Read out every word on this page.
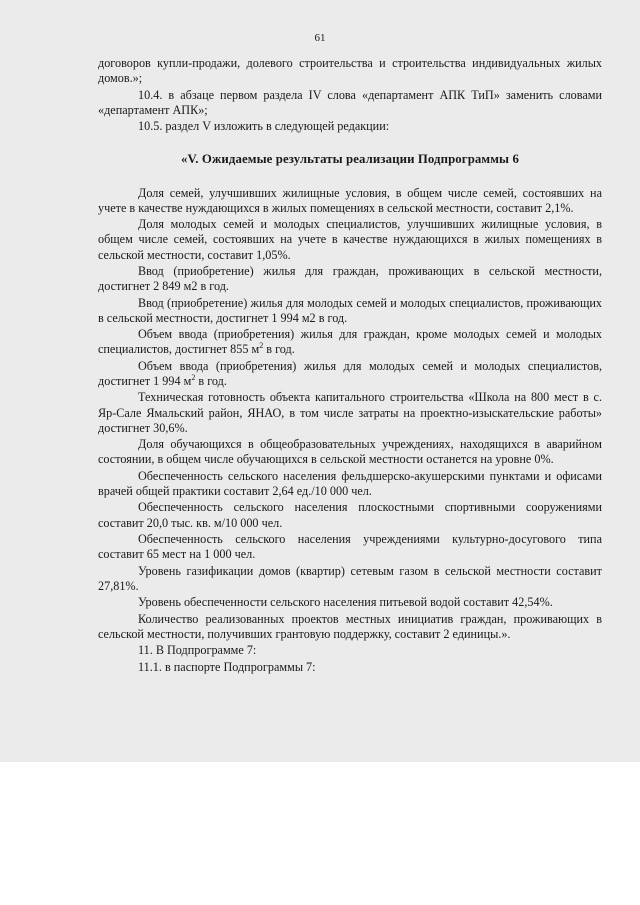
61

договоров купли-продажи, долевого строительства и строительства индивидуальных жилых домов.»;

10.4. в абзаце первом раздела IV слова «департамент АПК ТиП» заменить словами «департамент АПК»;

10.5. раздел V изложить в следующей редакции:

«V. Ожидаемые результаты реализации Подпрограммы 6

Доля семей, улучшивших жилищные условия, в общем числе семей, состоявших на учете в качестве нуждающихся в жилых помещениях в сельской местности, составит 2,1%.

Доля молодых семей и молодых специалистов, улучшивших жилищные условия, в общем числе семей, состоявших на учете в качестве нуждающихся в жилых помещениях в сельской местности, составит 1,05%.

Ввод (приобретение) жилья для граждан, проживающих в сельской местности, достигнет 2 849 м2 в год.

Ввод (приобретение) жилья для молодых семей и молодых специалистов, проживающих в сельской местности, достигнет 1 994 м2 в год.

Объем ввода (приобретения) жилья для граждан, кроме молодых семей и молодых специалистов, достигнет 855 $м^2$ в год.

Объем ввода (приобретения) жилья для молодых семей и молодых специалистов, достигнет 1 994 $м^2$ в год.

Техническая готовность объекта капитального строительства «Школа на 800 мест в с. Яр-Сале Ямальский район, ЯНАО, в том числе затраты на проектно-изыскательские работы» достигнет 30,6%.

Доля обучающихся в общеобразовательных учреждениях, находящихся в аварийном состоянии, в общем числе обучающихся в сельской местности останется на уровне 0%.

Обеспеченность сельского населения фельдшерско-акушерскими пунктами и офисами врачей общей практики составит 2,64 ед./10 000 чел.

Обеспеченность сельского населения плоскостными спортивными сооружениями составит 20,0 тыс. кв. м/10 000 чел.

Обеспеченность сельского населения учреждениями культурно-досугового типа составит 65 мест на 1 000 чел.

Уровень газификации домов (квартир) сетевым газом в сельской местности составит 27,81%.

Уровень обеспеченности сельского населения питьевой водой составит 42,54%.

Количество реализованных проектов местных инициатив граждан, проживающих в сельской местности, получивших грантовую поддержку, составит 2 единицы.».

11. В Подпрограмме 7:

11.1. в паспорте Подпрограммы 7:
